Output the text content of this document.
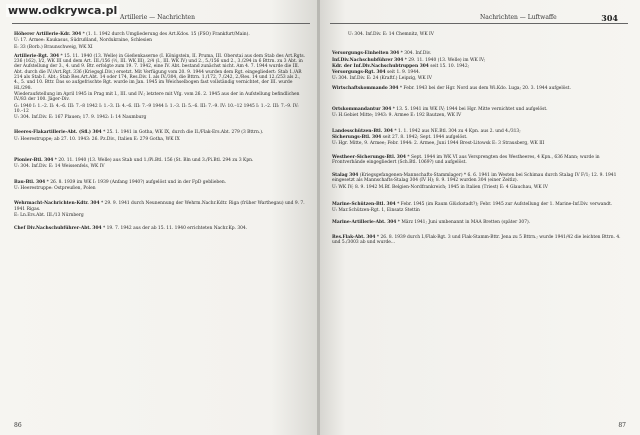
Artillerie — Nachrichten

Höherer Artillerie-Kdr. 304 * (1. 1. 1942 durch Umgliederung des Art.Kdos. 15 (FSO) Frankfurt/Main).

U: 17. Armee: Kaukasus, Südrußland, Nordukraine, Schlesien

E: 33 (Borb.) Braunschweig, WK XI

Artillerie-Rgt. 304 * 15. 11. 1940 (13. Welle) in Gießenkaserne (I. Königstein, II. Pruma, III. Oberstai aus dem Stab des Art.Rgts. 236 (162), I/2, WK III und dem Art. III./156 (½, III. WK III), 2/4 (I., III. WK IV) und 2., 5./156 und 2., 3./294 in 6 Bttrn. zu 3 Abt. in der Aufstellung der 3., 4. und 9. Btr. erfolgte zum 19. 7. 1942, eine IV. Abt. bestand zunächst nicht. Am 4. 7. 1944 wurde die III. Abt. durch die IV./Art.Rgt. 336 (Kriegsgl.Div.) ersetzt. Mit Verfügung vom 20. 9. 1944 wurden dem Rgt. eingegliedert: Stab 1./AR 214 als Stab I. Abt.; Stab Res.Art.Abt. 14 oder 174, Res.Div. I. als IV./304, die Bttrn. 1./172, 7./242, 2./Res. 14 und 12./253 als 2., 4., 5. und 10. Bttr. Das so aufgefrischte Rgt. wurde im Jan. 1945 im Weichselbogen fast vollständig vernichtet, der III. wurde Hl./298.

Wiederaufstellung im April 1945 in Prag mit I., III. und IV.; letztere mit Vfg. vom 26. 2. 1945 aus der in Aufstellung befindlichen IV./83 der 100. Jäger-Div.

G: 1940 I: 1.–2. II: 4.–6. III: 7.–8 1942 I: 1.–3. II: 4.–6. III: 7.–9 1944 I: 1.–3. II: 5.–6. III: 7.–9. IV: 10.–12 1945 I: 1.–2. III: 7.–9. IV: 10.–12

U: 304. Inf.Div. E: 167 Plauen; 17. 9. 1942: I: 14 Naumburg

Heeres-Flakartillerie-Abt. (Sfl.) 304 * 25. 1. 1941 in Gotha, WK IX, durch die II./Flak-Ers.Abt. 279 (3 Bttrn.).

U: Heerestruppe; ab 27. 10. 1943: 26. Pz.Div., Italien E: 279 Gotha, WK IX

Pionier-Btl. 304 * 20. 11. 1940 (13. Welle) aus Stab und 1./Pi.Btl. 156 (St. Bln und 3./Pi.Btl. 294 zu 3 Kpn.

U: 304. Inf.Div. E: 14 Weissenfels, WK IV

Bau-Btl. 304 * 26. 8. 1939 im WK I: 1939 (Anfang 1940?) aufgelöst und in der FpD geblieben.

U: Heerestruppe: Ostpreußen, Polen

Wehrmacht-Nachrichten-Kdtr. 304 * 29. 9. 1941 durch Neunennung der Wehrm.Nachr.Kdtr. Riga (früher Warthegau) und 9. 7. 1941 Rigas.

E: Ln.Ers.Abt. III./13 Nürnberg

Chef Div.Nachschubführer-Abt. 304 * 19. 7. 1942 aus der ab 15. 11. 1940 errichteten Nachr.Kp. 304.

86
Nachrichten — Luftwaffe	304

U: 304. Inf.Div. E: 14 Chemnitz, WK IV

Versorgungs-Einheiten 304 * 304. Inf.Div.

Inf.Div.Nachschubführer 304 * 29. 11. 1940 (13. Welle) im WK IV;

Kdr. der Inf.Div.Nachschubtruppen 304 seit 15. 10. 1942;

Versorgungs-Rgt. 304 seit 1. 9. 1944.

U: 304. Inf.Div. E: 24 (Kraftf.) Leipzig, WK IV

Wirtschaftskommando 304 * Febr. 1943 bei der Hgr. Nord aus dem Wi.Kdo. Luga; 20. 3. 1944 aufgelöst.

Ortskommandantur 304 * 13. 5. 1941 im WK IV; 1944 bei Hgr. Mitte vernichtet und aufgelöst.

U: H.Gebiet Mitte; 1943: 9. Armee E: 192 Bautzen, WK IV

Landesschützen-Btl. 304 * 1. 1. 1942 aus NE.Btl. 304 zu 4 Kpn. aus 2. und 4./313;

Sicherungs-Btl. 304 seit 27. 8. 1942; Sept. 1944 aufgelöst.

U: Hgr. Mitte, 9. Armee; Febr. 1944: 2. Armee, Juni 1944 Brest-Litowsk E: 3 Strausberg, WK III

Westheer-Sicherungs-Btl. 304 * Sept. 1944 im WK VI aus Versprengten des Westheeres, 4 Kpn., 636 Mann; wurde in Frontverbände eingegliedert (Sch.Btl. 1069?) und aufgelöst.

Stalag 304 (Kriegsgefangenen-Mannschafts-Stammlager) * 6. 6. 1941 im Westen bei Schimau durch Stalag IV F/1; 12. 9. 1941 eingesetzt als Mannschafts-Stalag 304 (IV H); 8. 9. 1942 wurden 304 (einer Zeitlz).

U: WK IV; 8. 9. 1942 M.Bf. Belgien-Nordfrankreich; 1945 in Italien (Triest) E: 4 Glauchau, WK IV

Marine-Schützen-Btl. 304 * Febr. 1945 (im Raum Glückstadt?); Febr. 1945 zur Aufstellung der 1. Marine-Inf.Div. verwandt.

U: Mar.Schützen-Rgt. 1, Einsatz Stettin

Marine-Artillerie-Abt. 304 * März 1941; Juni umbenannt in MAA Bretten (später 307).

Res.Flak-Abt. 304 * 26. 8. 1939 durch I./Flak-Rgt. 3 und Flak-Stamm-Bttr. Jena zu 5 Bttrn.; wurde 1941/42 die leichten Bttrn. 4. und 5./3003 ab und wurde...

87
www.odkrywca.pl
